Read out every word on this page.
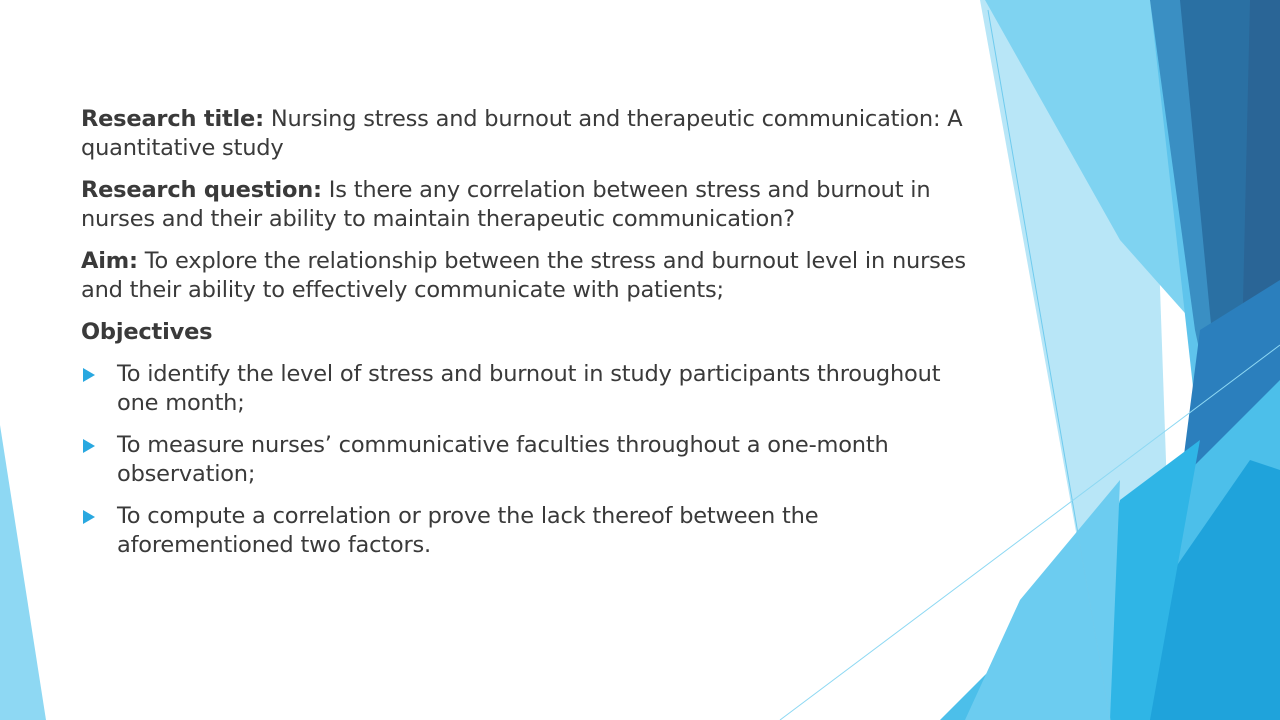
Research title: Nursing stress and burnout and therapeutic communication: A quantitative study

Research question: Is there any correlation between stress and burnout in nurses and their ability to maintain therapeutic communication?

Aim: To explore the relationship between the stress and burnout level in nurses and their ability to effectively communicate with patients;

Objectives
To identify the level of stress and burnout in study participants throughout one month;
To measure nurses’ communicative faculties throughout a one-month observation;
To compute a correlation or prove the lack thereof between the aforementioned two factors.
